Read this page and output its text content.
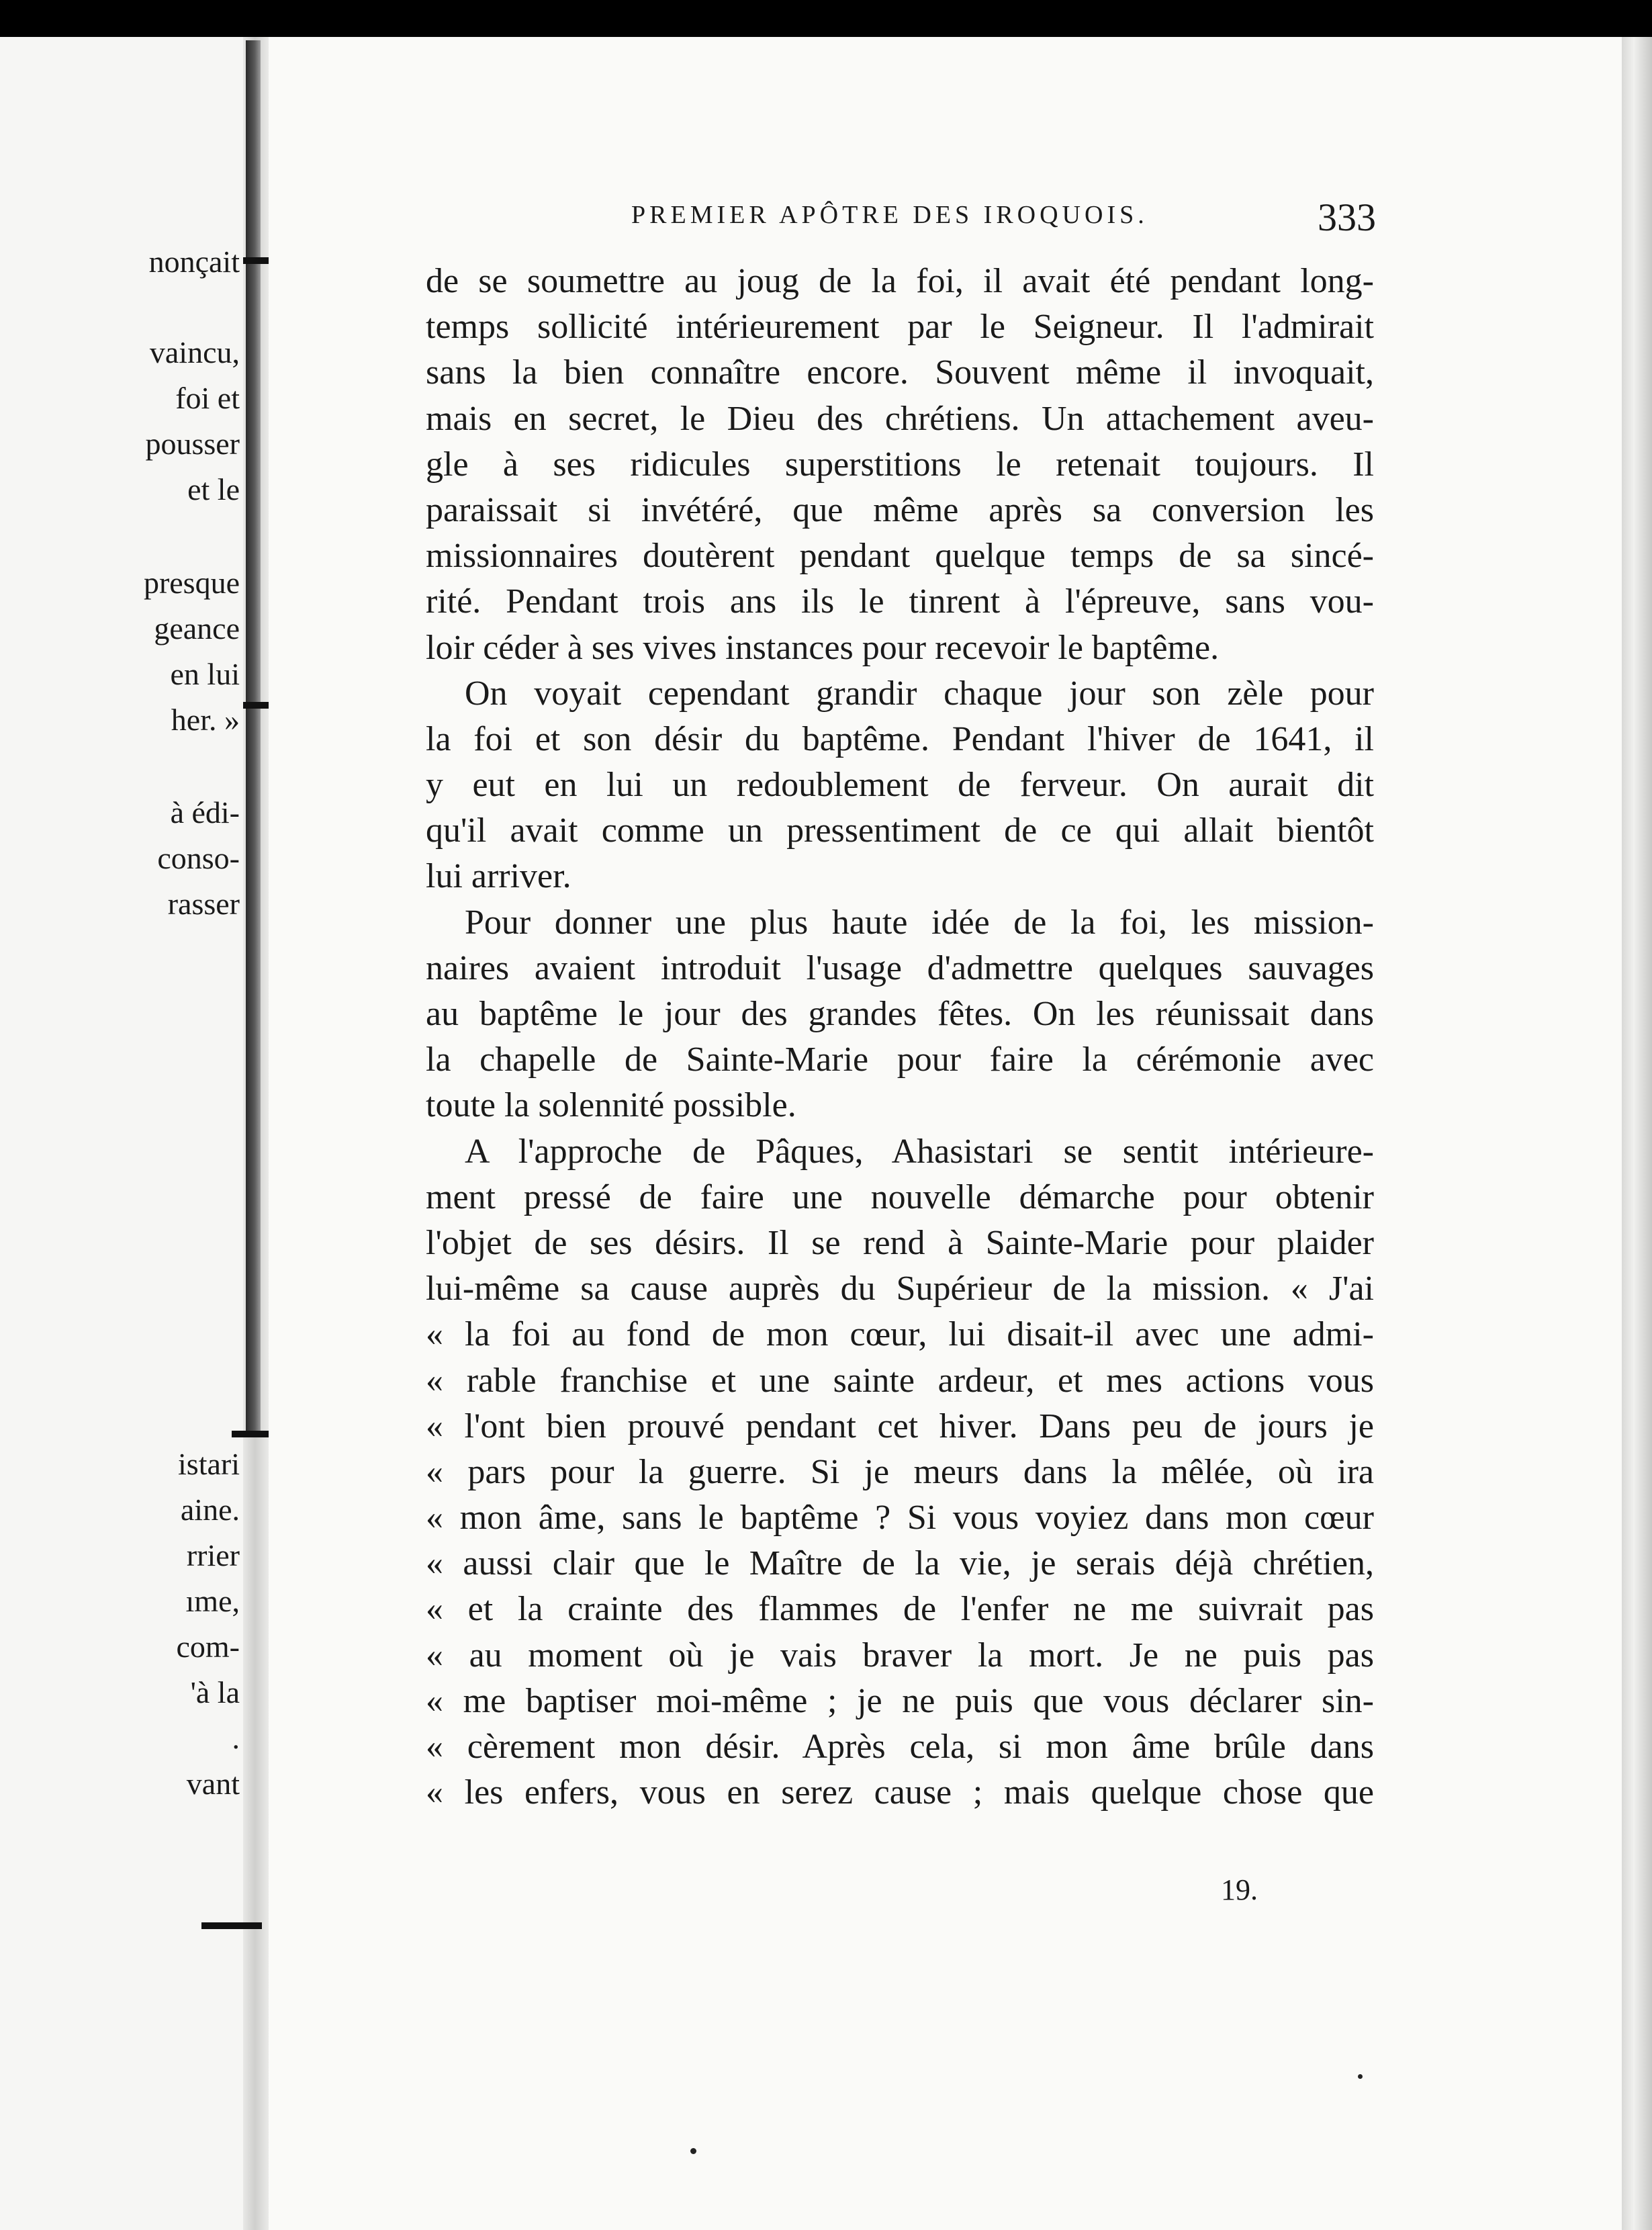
nonçait
vaincu,
foi et
pousser
et le
presque
geance
en lui
her. »
à édi-
conso-
rasser
istari
aine.
rrier
ıme,
com-
'à la
.
vant
PREMIER APÔTRE DES IROQUOIS.	333
de se soumettre au joug de la foi, il avait été pendant long-
temps sollicité intérieurement par le Seigneur. Il l'admirait
sans la bien connaître encore. Souvent même il invoquait,
mais en secret, le Dieu des chrétiens. Un attachement aveu-
gle à ses ridicules superstitions le retenait toujours. Il
paraissait si invétéré, que même après sa conversion les
missionnaires doutèrent pendant quelque temps de sa sincé-
rité. Pendant trois ans ils le tinrent à l'épreuve, sans vou-
loir céder à ses vives instances pour recevoir le baptême.
On voyait cependant grandir chaque jour son zèle pour
la foi et son désir du baptême. Pendant l'hiver de 1641, il
y eut en lui un redoublement de ferveur. On aurait dit
qu'il avait comme un pressentiment de ce qui allait bientôt
lui arriver.
Pour donner une plus haute idée de la foi, les mission-
naires avaient introduit l'usage d'admettre quelques sauvages
au baptême le jour des grandes fêtes. On les réunissait dans
la chapelle de Sainte-Marie pour faire la cérémonie avec
toute la solennité possible.
A l'approche de Pâques, Ahasistari se sentit intérieure-
ment pressé de faire une nouvelle démarche pour obtenir
l'objet de ses désirs. Il se rend à Sainte-Marie pour plaider
lui-même sa cause auprès du Supérieur de la mission. « J'ai
« la foi au fond de mon cœur, lui disait-il avec une admi-
« rable franchise et une sainte ardeur, et mes actions vous
« l'ont bien prouvé pendant cet hiver. Dans peu de jours je
« pars pour la guerre. Si je meurs dans la mêlée, où ira
« mon âme, sans le baptême ? Si vous voyiez dans mon cœur
« aussi clair que le Maître de la vie, je serais déjà chrétien,
« et la crainte des flammes de l'enfer ne me suivrait pas
« au moment où je vais braver la mort. Je ne puis pas
« me baptiser moi-même ; je ne puis que vous déclarer sin-
« cèrement mon désir. Après cela, si mon âme brûle dans
« les enfers, vous en serez cause ; mais quelque chose que
19.
